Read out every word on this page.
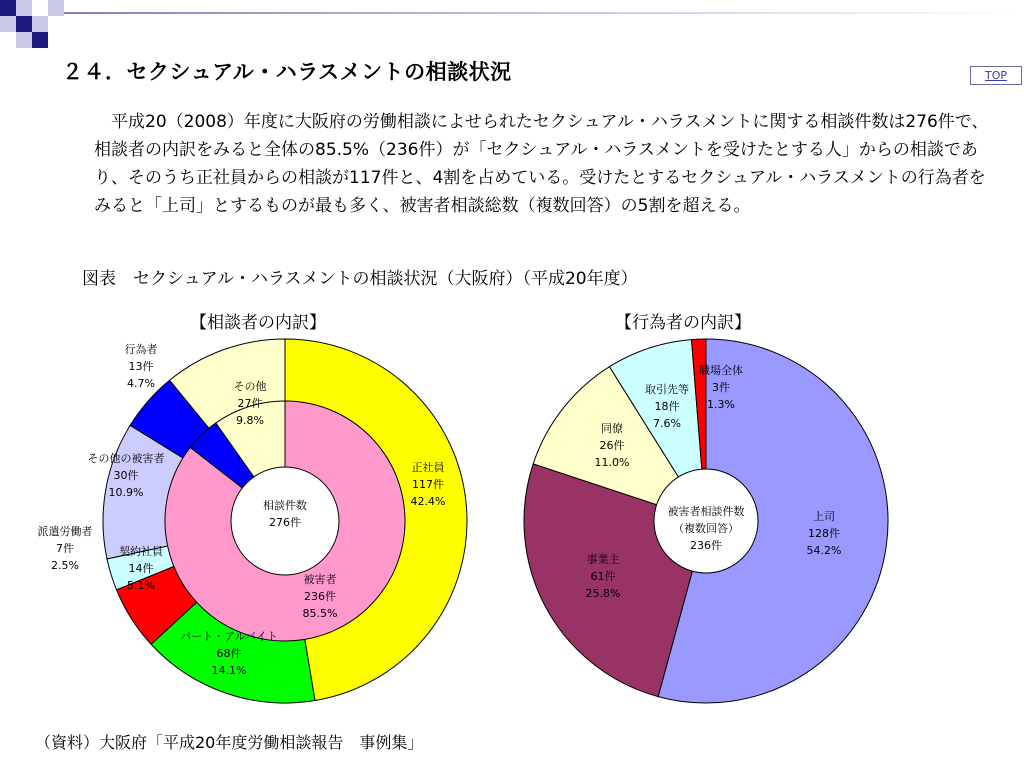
２４．セクシュアル・ハラスメントの相談状況	TOP

　平成20（2008）年度に大阪府の労働相談によせられたセクシュアル・ハラスメントに関する相談件数は276件で、相談者の内訳をみると全体の85.5%（236件）が「セクシュアル・ハラスメントを受けたとする人」からの相談であり、そのうち正社員からの相談が117件と、4割を占めている。受けたとするセクシュアル・ハラスメントの行為者をみると「上司」とするものが最も多く、被害者相談総数（複数回答）の5割を超える。

図表　セクシュアル・ハラスメントの相談状況（大阪府）（平成20年度）
【相談者の内訳】	【行為者の内訳】
相談件数 276件
正社員 117件 42.4%
パート・アルバイト 68件 14.1%
契約社員 14件 5.1%
派遣労働者 7件 2.5%
その他の被害者 30件 10.9%
行為者 13件 4.7%	その他 27件 9.8%
被害者 236件 85.5%
被害者相談件数（複数回答） 236件
上司 128件 54.2%
事業主 61件 25.8%
同僚 26件 11.0%
取引先等 18件 7.6%
職場全体 3件 1.3%
（資料）大阪府「平成20年度労働相談報告　事例集」
